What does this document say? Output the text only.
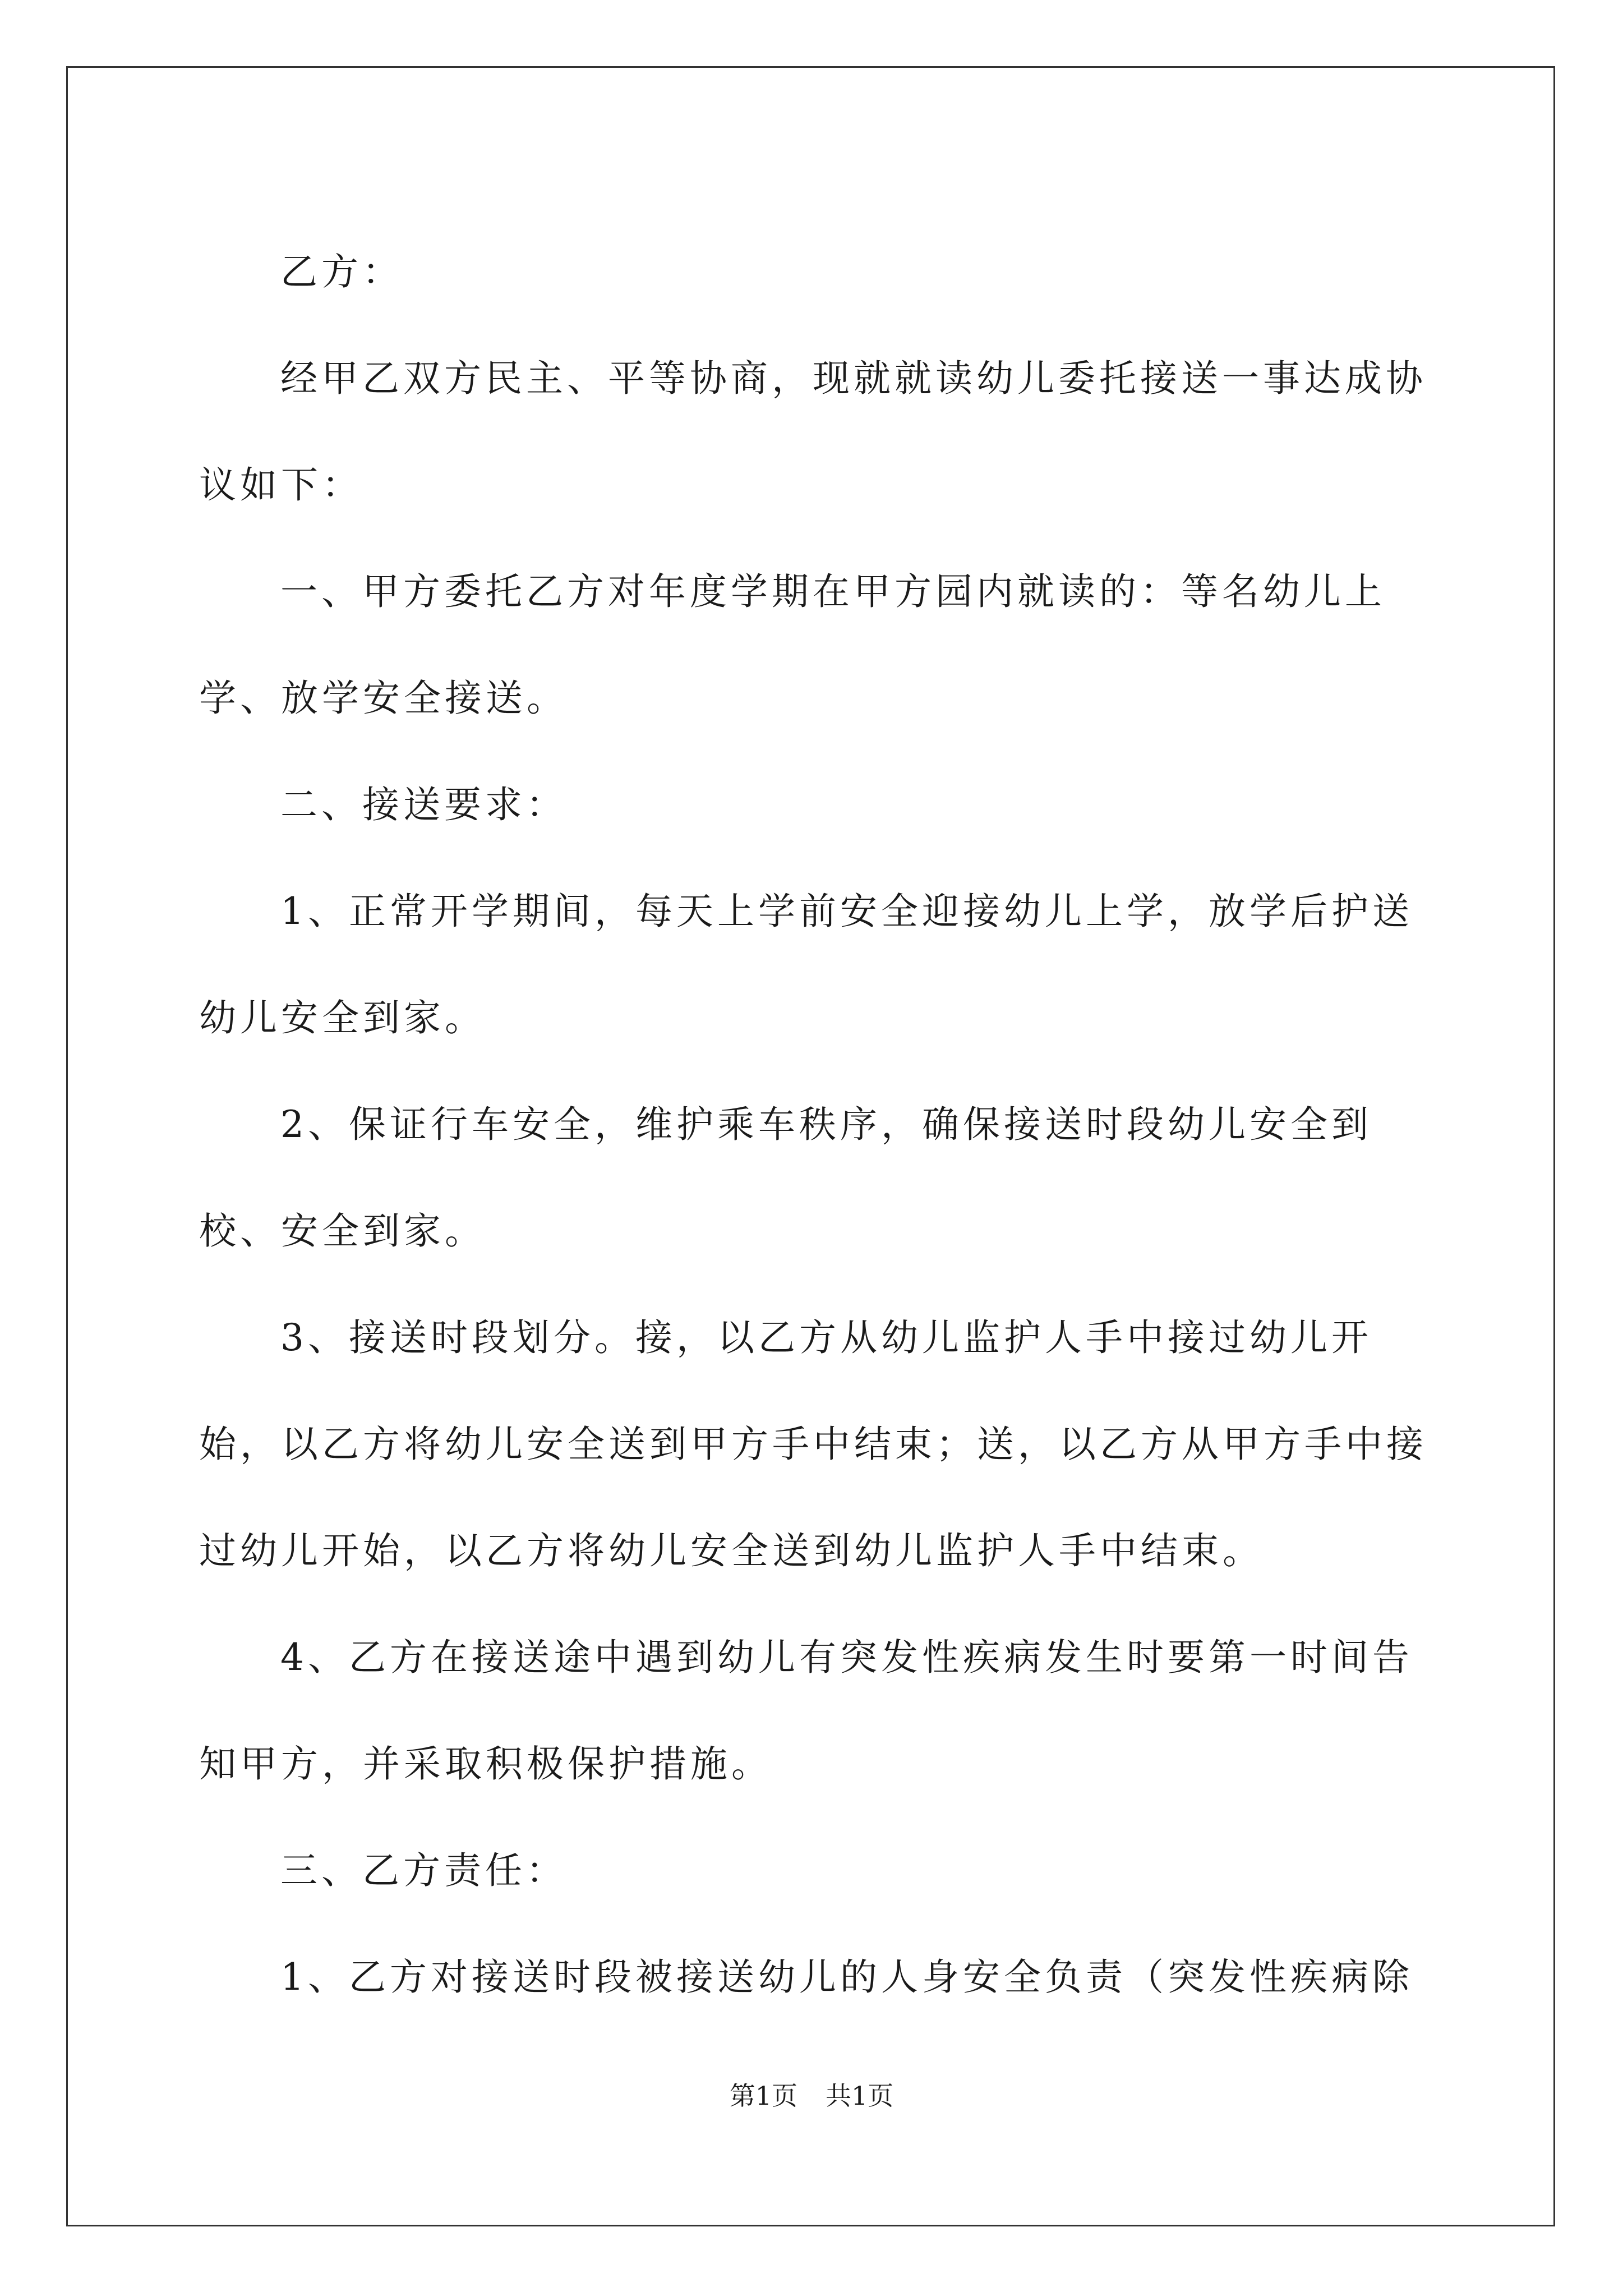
乙方：

经甲乙双方民主、平等协商，现就就读幼儿委托接送一事达成协议如下：

一、甲方委托乙方对年度学期在甲方园内就读的：等名幼儿上学、放学安全接送。

二、接送要求：

1、正常开学期间，每天上学前安全迎接幼儿上学，放学后护送幼儿安全到家。

2、保证行车安全，维护乘车秩序，确保接送时段幼儿安全到校、安全到家。

3、接送时段划分。接，以乙方从幼儿监护人手中接过幼儿开始，以乙方将幼儿安全送到甲方手中结束；送，以乙方从甲方手中接过幼儿开始，以乙方将幼儿安全送到幼儿监护人手中结束。

4、乙方在接送途中遇到幼儿有突发性疾病发生时要第一时间告知甲方，并采取积极保护措施。

三、乙方责任：

1、乙方对接送时段被接送幼儿的人身安全负责（突发性疾病除

第1页 共1页
